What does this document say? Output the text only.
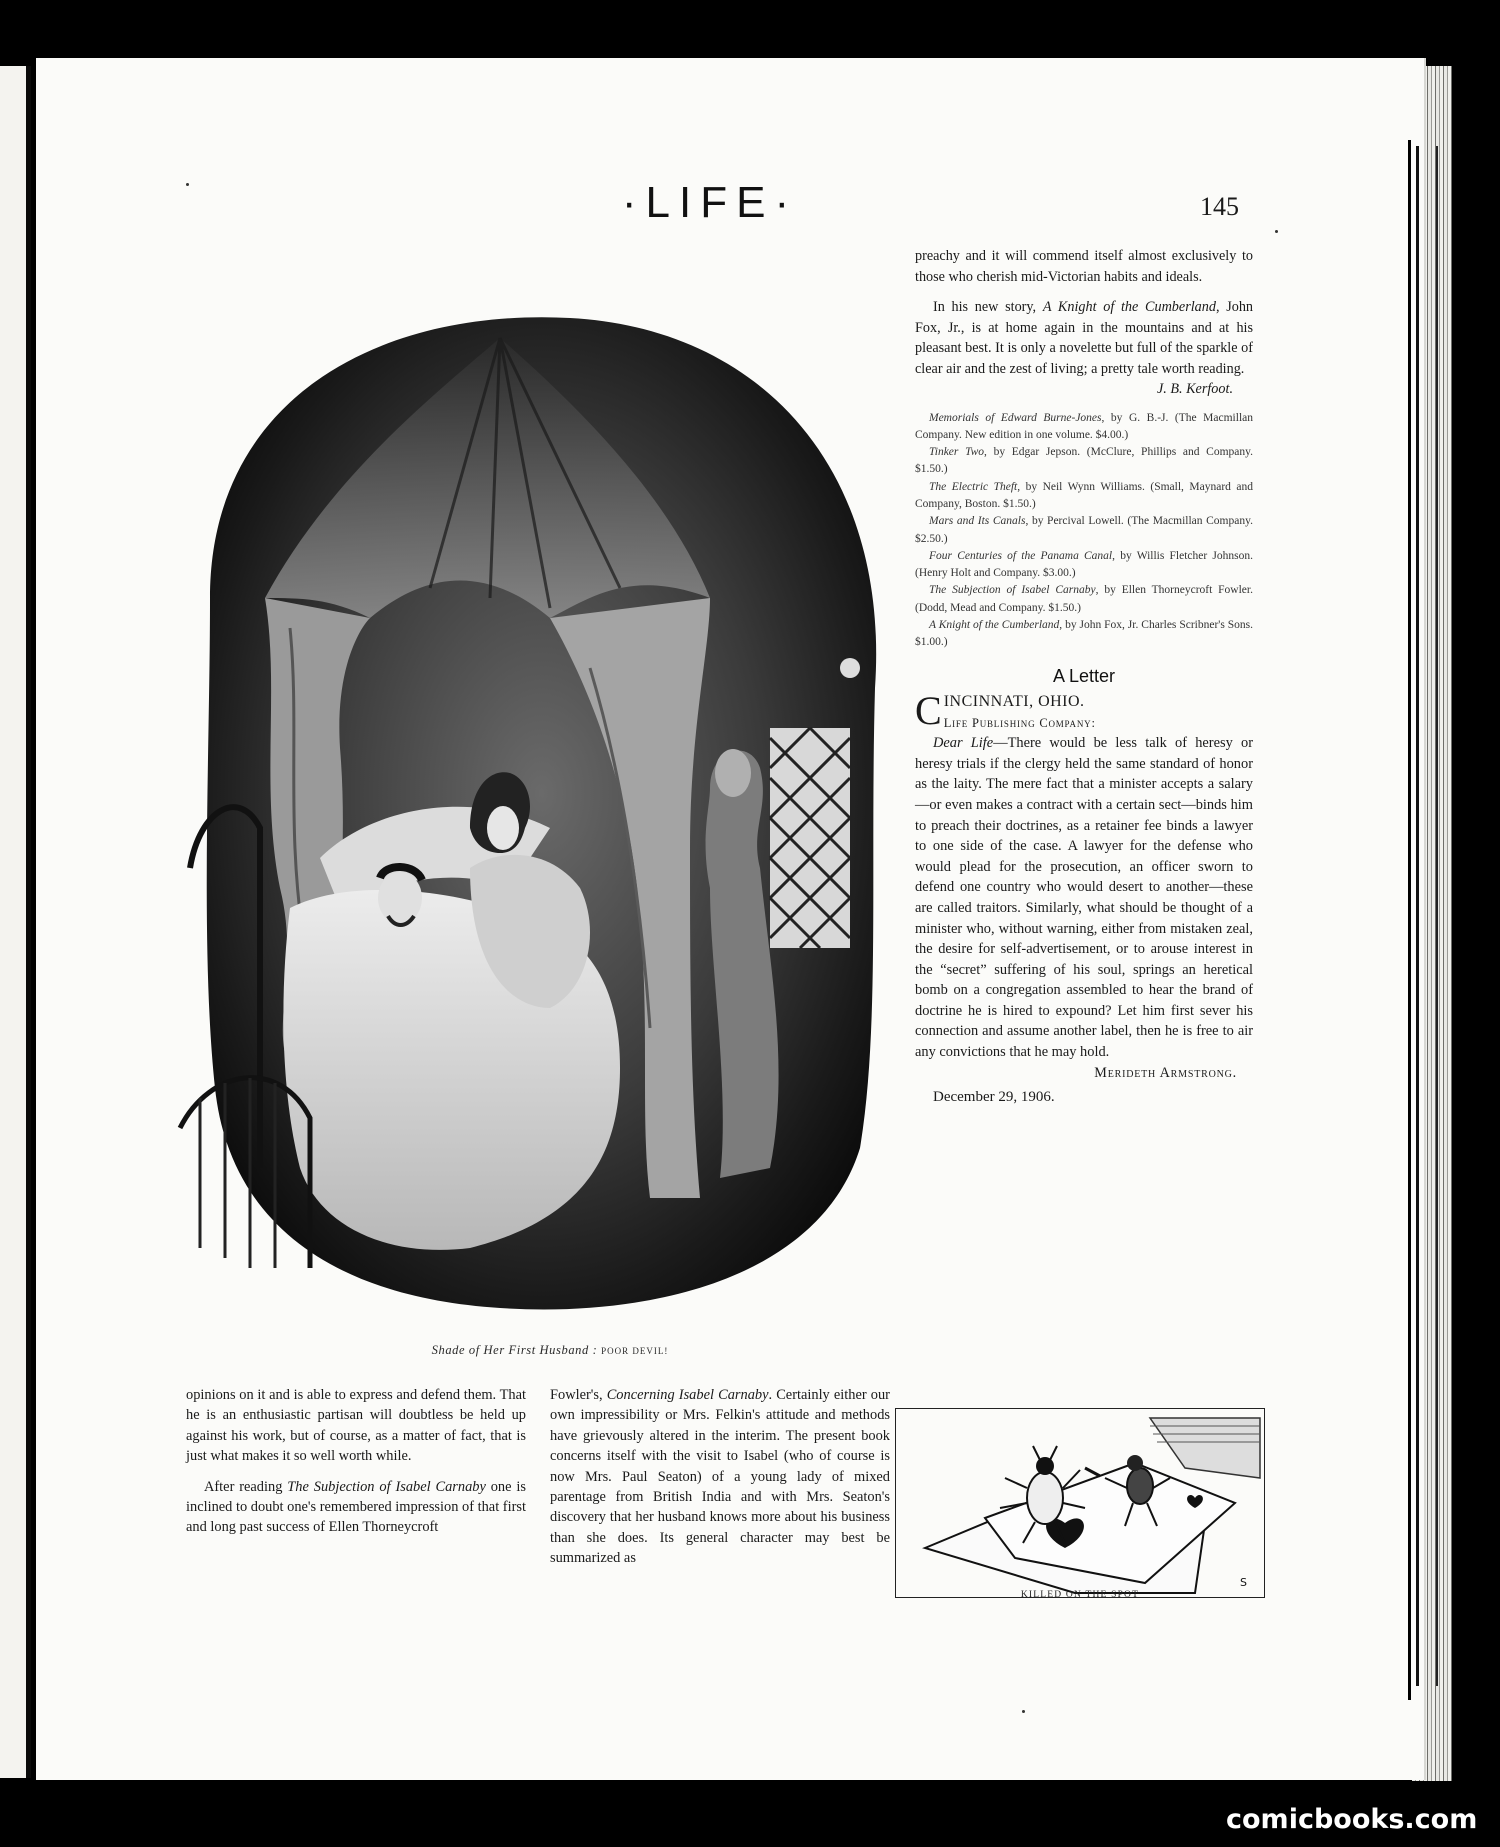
·LIFE·	145
Shade of Her First Husband : POOR DEVIL!

preachy and it will commend itself almost exclusively to those who cherish mid-Victorian habits and ideals.

In his new story, A Knight of the Cumberland, John Fox, Jr., is at home again in the mountains and at his pleasant best. It is only a novelette but full of the sparkle of clear air and the zest of living; a pretty tale worth reading.

J. B. Kerfoot.

Memorials of Edward Burne-Jones, by G. B.-J. (The Macmillan Company. New edition in one volume. $4.00.)

Tinker Two, by Edgar Jepson. (McClure, Phillips and Company. $1.50.)

The Electric Theft, by Neil Wynn Williams. (Small, Maynard and Company, Boston. $1.50.)

Mars and Its Canals, by Percival Lowell. (The Macmillan Company. $2.50.)

Four Centuries of the Panama Canal, by Willis Fletcher Johnson. (Henry Holt and Company. $3.00.)

The Subjection of Isabel Carnaby, by Ellen Thorneycroft Fowler. (Dodd, Mead and Company. $1.50.)

A Knight of the Cumberland, by John Fox, Jr. Charles Scribner's Sons. $1.00.)

A Letter
C INCINNATI, OHIO.
Life Publishing Company:

Dear Life—There would be less talk of heresy or heresy trials if the clergy held the same standard of honor as the laity. The mere fact that a minister accepts a salary—or even makes a contract with a certain sect—binds him to preach their doctrines, as a retainer fee binds a lawyer to one side of the case. A lawyer for the defense who would plead for the prosecution, an officer sworn to defend one country who would desert to another—these are called traitors. Similarly, what should be thought of a minister who, without warning, either from mistaken zeal, the desire for self-advertisement, or to arouse interest in the “secret” suffering of his soul, springs an heretical bomb on a congregation assembled to hear the brand of doctrine he is hired to expound? Let him first sever his connection and assume another label, then he is free to air any convictions that he may hold.

Merideth Armstrong.

December 29, 1906.

opinions on it and is able to express and defend them. That he is an enthusiastic partisan will doubtless be held up against his work, but of course, as a matter of fact, that is just what makes it so well worth while.

After reading The Subjection of Isabel Carnaby one is inclined to doubt one's remembered impression of that first and long past success of Ellen Thorneycroft

Fowler's, Concerning Isabel Carnaby. Certainly either our own impressibility or Mrs. Felkin's attitude and methods have grievously altered in the interim. The present book concerns itself with the visit to Isabel (who of course is now Mrs. Paul Seaton) of a young lady of mixed parentage from British India and with Mrs. Seaton's discovery that her husband knows more about his business than she does. Its general character may best be summarized as

S
KILLED ON THE SPOT
comicbooks.com
